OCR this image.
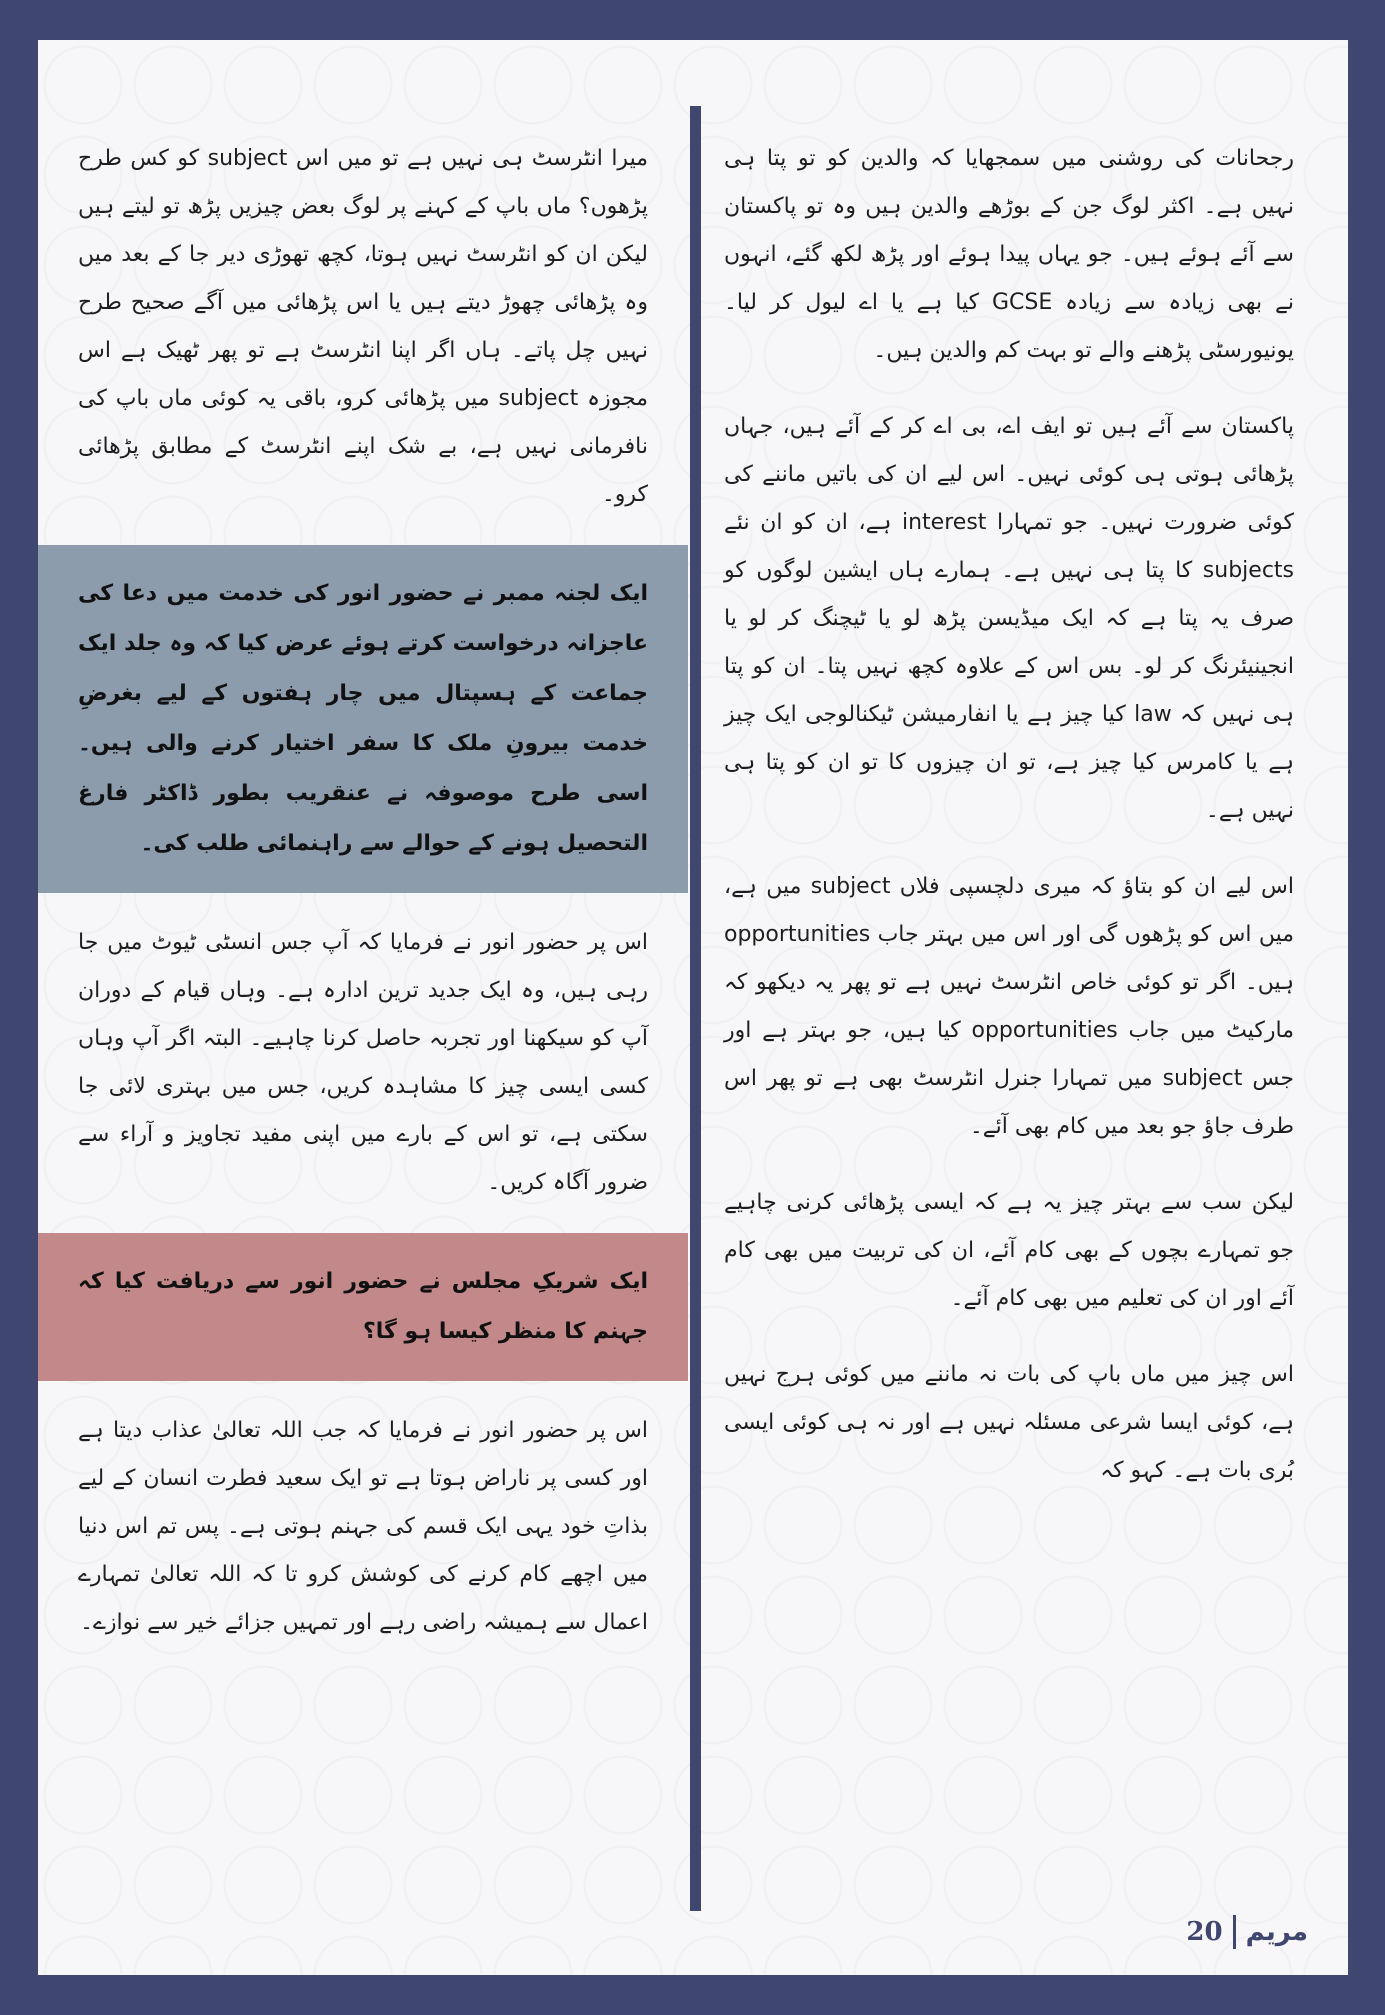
رجحانات کی روشنی میں سمجھایا کہ والدین کو تو پتا ہی نہیں ہے۔ اکثر لوگ جن کے بوڑھے والدین ہیں وہ تو پاکستان سے آئے ہوئے ہیں۔ جو یہاں پیدا ہوئے اور پڑھ لکھ گئے، انہوں نے بھی زیادہ سے زیادہ GCSE کیا ہے یا اے لیول کر لیا۔ یونیورسٹی پڑھنے والے تو بہت کم والدین ہیں۔

پاکستان سے آئے ہیں تو ایف اے، بی اے کر کے آئے ہیں، جہاں پڑھائی ہوتی ہی کوئی نہیں۔ اس لیے ان کی باتیں ماننے کی کوئی ضرورت نہیں۔ جو تمہارا interest ہے، ان کو ان نئے subjects کا پتا ہی نہیں ہے۔ ہمارے ہاں ایشین لوگوں کو صرف یہ پتا ہے کہ ایک میڈیسن پڑھ لو یا ٹیچنگ کر لو یا انجینیئرنگ کر لو۔ بس اس کے علاوہ کچھ نہیں پتا۔ ان کو پتا ہی نہیں کہ law کیا چیز ہے یا انفارمیشن ٹیکنالوجی ایک چیز ہے یا کامرس کیا چیز ہے، تو ان چیزوں کا تو ان کو پتا ہی نہیں ہے۔

اس لیے ان کو بتاؤ کہ میری دلچسپی فلاں subject میں ہے، میں اس کو پڑھوں گی اور اس میں بہتر جاب opportunities ہیں۔ اگر تو کوئی خاص انٹرسٹ نہیں ہے تو پھر یہ دیکھو کہ مارکیٹ میں جاب opportunities کیا ہیں، جو بہتر ہے اور جس subject میں تمہارا جنرل انٹرسٹ بھی ہے تو پھر اس طرف جاؤ جو بعد میں کام بھی آئے۔

لیکن سب سے بہتر چیز یہ ہے کہ ایسی پڑھائی کرنی چاہیے جو تمہارے بچوں کے بھی کام آئے، ان کی تربیت میں بھی کام آئے اور ان کی تعلیم میں بھی کام آئے۔

اس چیز میں ماں باپ کی بات نہ ماننے میں کوئی ہرج نہیں ہے، کوئی ایسا شرعی مسئلہ نہیں ہے اور نہ ہی کوئی ایسی بُری بات ہے۔ کہو کہ

میرا انٹرسٹ ہی نہیں ہے تو میں اس subject کو کس طرح پڑھوں؟ ماں باپ کے کہنے پر لوگ بعض چیزیں پڑھ تو لیتے ہیں لیکن ان کو انٹرسٹ نہیں ہوتا، کچھ تھوڑی دیر جا کے بعد میں وہ پڑھائی چھوڑ دیتے ہیں یا اس پڑھائی میں آگے صحیح طرح نہیں چل پاتے۔ ہاں اگر اپنا انٹرسٹ ہے تو پھر ٹھیک ہے اس مجوزہ subject میں پڑھائی کرو، باقی یہ کوئی ماں باپ کی نافرمانی نہیں ہے، بے شک اپنے انٹرسٹ کے مطابق پڑھائی کرو۔

ایک لجنہ ممبر نے حضور انور کی خدمت میں دعا کی عاجزانہ درخواست کرتے ہوئے عرض کیا کہ وہ جلد ایک جماعت کے ہسپتال میں چار ہفتوں کے لیے بغرضِ خدمت بیرونِ ملک کا سفر اختیار کرنے والی ہیں۔ اسی طرح موصوفہ نے عنقریب بطور ڈاکٹر فارغ التحصیل ہونے کے حوالے سے راہنمائی طلب کی۔

اس پر حضور انور نے فرمایا کہ آپ جس انسٹی ٹیوٹ میں جا رہی ہیں، وہ ایک جدید ترین ادارہ ہے۔ وہاں قیام کے دوران آپ کو سیکھنا اور تجربہ حاصل کرنا چاہیے۔ البتہ اگر آپ وہاں کسی ایسی چیز کا مشاہدہ کریں، جس میں بہتری لائی جا سکتی ہے، تو اس کے بارے میں اپنی مفید تجاویز و آراء سے ضرور آگاہ کریں۔

ایک شریکِ مجلس نے حضور انور سے دریافت کیا کہ جہنم کا منظر کیسا ہو گا؟

اس پر حضور انور نے فرمایا کہ جب اللہ تعالیٰ عذاب دیتا ہے اور کسی پر ناراض ہوتا ہے تو ایک سعید فطرت انسان کے لیے بذاتِ خود یہی ایک قسم کی جہنم ہوتی ہے۔ پس تم اس دنیا میں اچھے کام کرنے کی کوشش کرو تا کہ اللہ تعالیٰ تمہارے اعمال سے ہمیشہ راضی رہے اور تمہیں جزائے خیر سے نوازے۔

20 مریم
